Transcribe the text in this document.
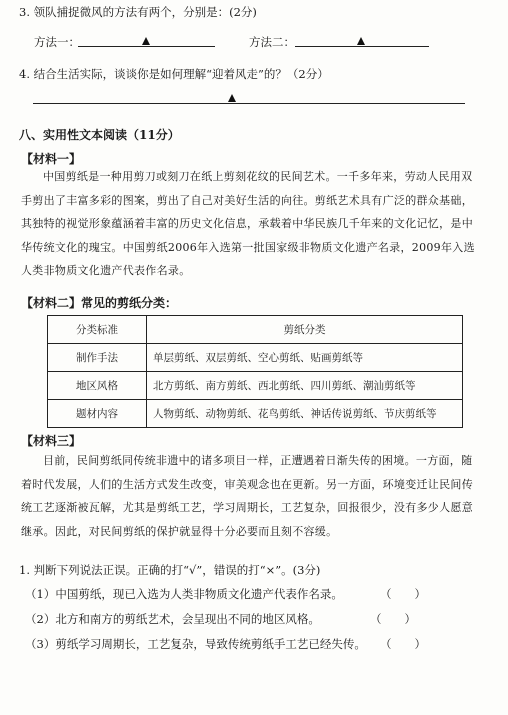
3. 领队捕捉微风的方法有两个，分别是：(2分)
方法一：	方法二：
4. 结合生活实际，谈谈你是如何理解“迎着风走”的？（2分）
八、实用性文本阅读（11分）
【材料一】
中国剪纸是一种用剪刀或刻刀在纸上剪刻花纹的民间艺术。一千多年来，劳动人民用双手剪出了丰富多彩的图案，剪出了自己对美好生活的向往。剪纸艺术具有广泛的群众基础，其独特的视觉形象蕴涵着丰富的历史文化信息，承载着中华民族几千年来的文化记忆，是中华传统文化的瑰宝。中国剪纸2006年入选第一批国家级非物质文化遗产名录，2009年入选人类非物质文化遗产代表作名录。
【材料二】常见的剪纸分类：
分类标准	剪纸分类
制作手法	单层剪纸、双层剪纸、空心剪纸、贴画剪纸等
地区风格	北方剪纸、南方剪纸、西北剪纸、四川剪纸、潮汕剪纸等
题材内容	人物剪纸、动物剪纸、花鸟剪纸、神话传说剪纸、节庆剪纸等
【材料三】
目前，民间剪纸同传统非遗中的诸多项目一样，正遭遇着日渐失传的困境。一方面，随着时代发展，人们的生活方式发生改变，审美观念也在更新。另一方面，环境变迁让民间传统工艺逐渐被瓦解，尤其是剪纸工艺，学习周期长，工艺复杂，回报很少，没有多少人愿意继承。因此，对民间剪纸的保护就显得十分必要而且刻不容缓。
1. 判断下列说法正误。正确的打“√”，错误的打“×”。(3分)
（1）中国剪纸，现已入选为人类非物质文化遗产代表作名录。	（　　）
（2）北方和南方的剪纸艺术，会呈现出不同的地区风格。	（　　）
（3）剪纸学习周期长，工艺复杂，导致传统剪纸手工艺已经失传。 （　　）
